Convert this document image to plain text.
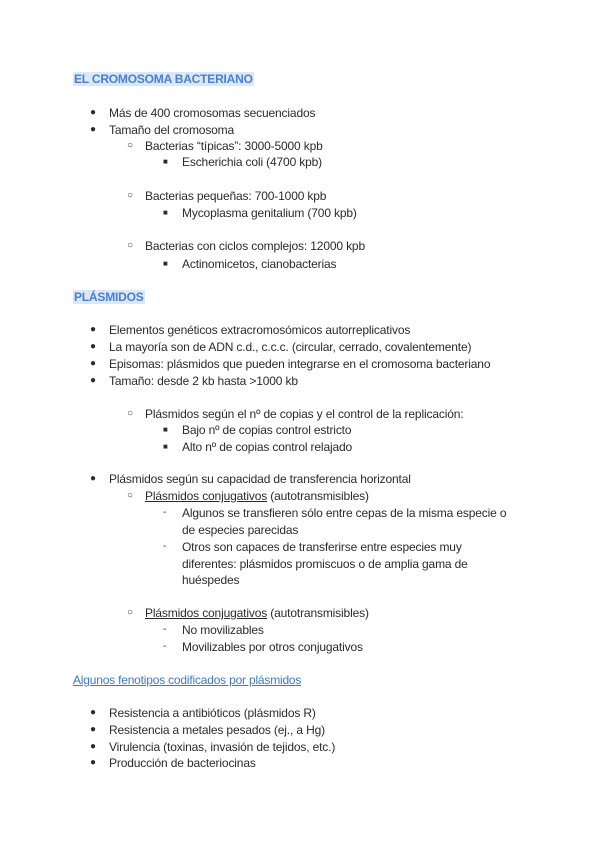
EL CROMOSOMA BACTERIANO
● Más de 400 cromosomas secuenciados
● Tamaño del cromosoma
○ Bacterias “típicas”: 3000-5000 kpb
■ Escherichia coli (4700 kpb)
○ Bacterias pequeñas: 700-1000 kpb
■ Mycoplasma genitalium (700 kpb)
○ Bacterias con ciclos complejos: 12000 kpb
■ Actinomicetos, cianobacterias
PLÁSMIDOS
● Elementos genéticos extracromosómicos autorreplicativos
● La mayoría son de ADN c.d., c.c.c. (circular, cerrado, covalentemente)
● Episomas: plásmidos que pueden integrarse en el cromosoma bacteriano
● Tamaño: desde 2 kb hasta >1000 kb
○ Plásmidos según el nº de copias y el control de la replicación:
■ Bajo nº de copias control estricto
■ Alto nº de copias control relajado
● Plásmidos según su capacidad de transferencia horizontal
○ Plásmidos conjugativos (autotransmisibles)
- Algunos se transfieren sólo entre cepas de la misma especie o
de especies parecidas
- Otros son capaces de transferirse entre especies muy
diferentes: plásmidos promiscuos o de amplia gama de
huéspedes
○ Plásmidos conjugativos (autotransmisibles)
- No movilizables
- Movilizables por otros conjugativos
Algunos fenotipos codificados por plásmidos
● Resistencia a antibióticos (plásmidos R)
● Resistencia a metales pesados (ej., a Hg)
● Virulencia (toxinas, invasión de tejidos, etc.)
● Producción de bacteriocinas
